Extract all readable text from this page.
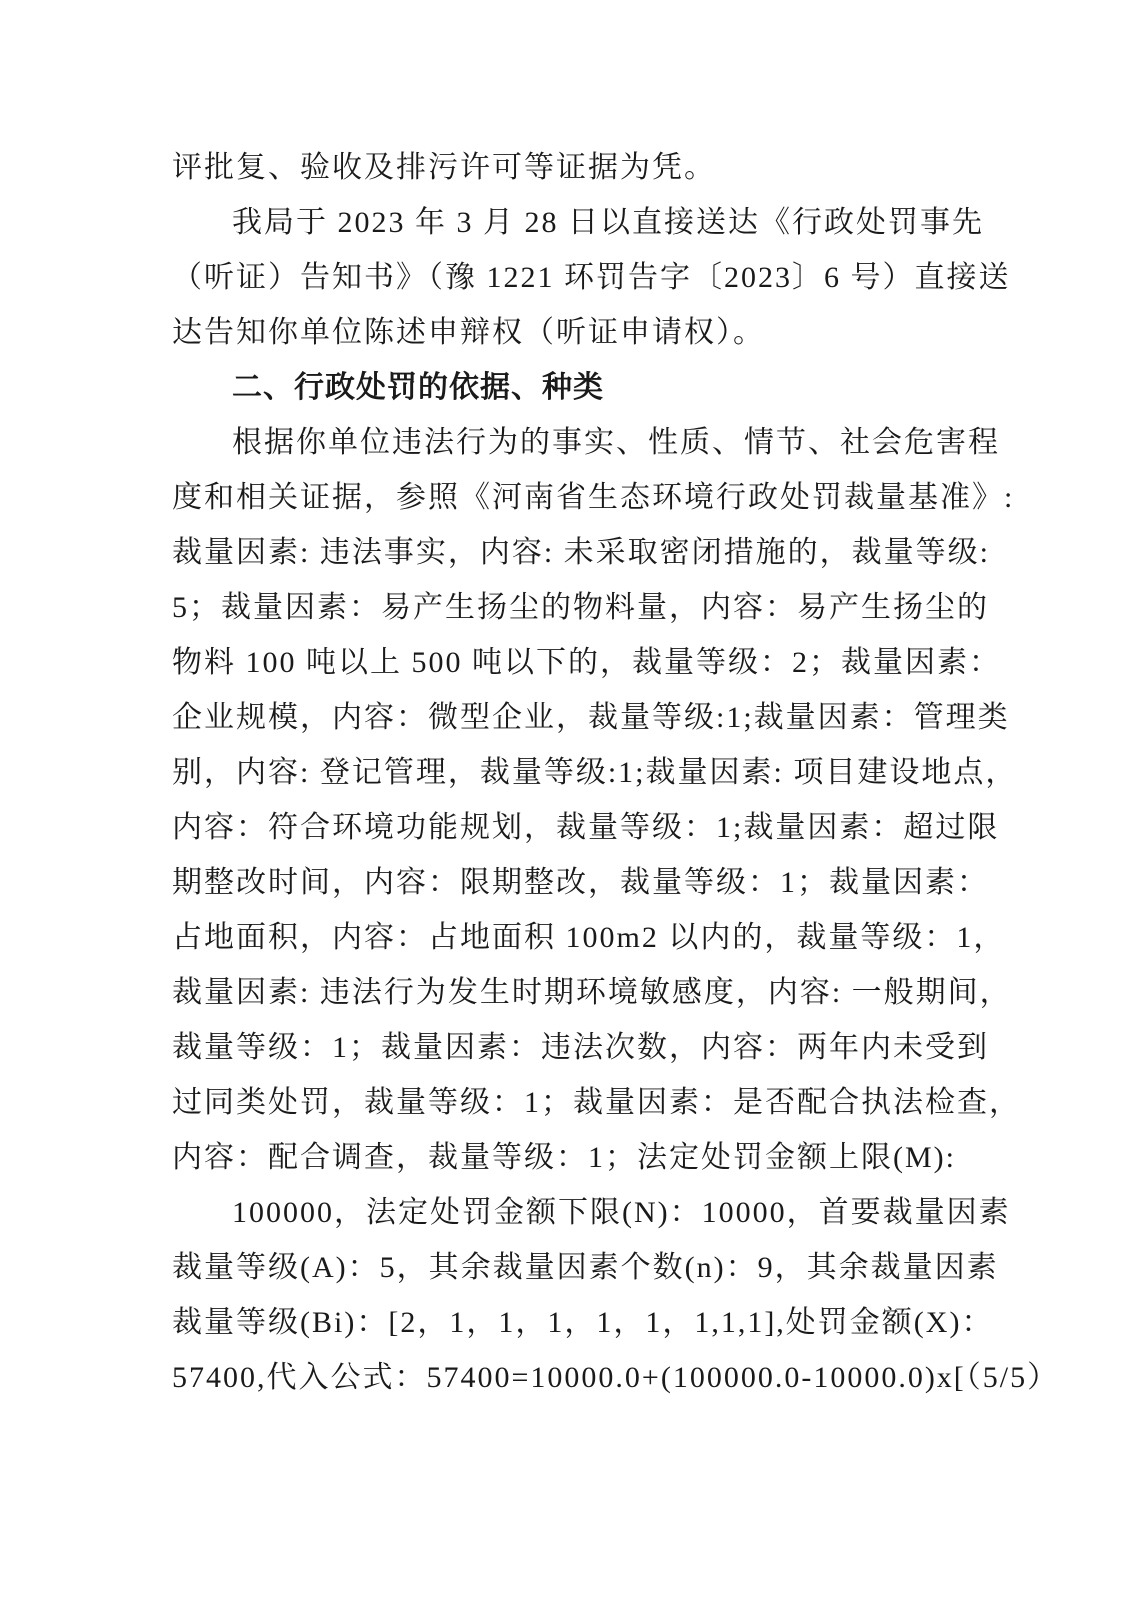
评批复、验收及排污许可等证据为凭。
我局于 2023 年 3 月 28 日以直接送达《行政处罚事先
（听证）告知书》（豫 1221 环罚告字〔2023〕6 号）直接送
达告知你单位陈述申辩权（听证申请权）。
二、行政处罚的依据、种类
根据你单位违法行为的事实、性质、情节、社会危害程
度和相关证据，参照《河南省生态环境行政处罚裁量基准》:
裁量因素: 违法事实，内容: 未采取密闭措施的，裁量等级:
5；裁量因素：易产生扬尘的物料量，内容：易产生扬尘的
物料 100 吨以上 500 吨以下的，裁量等级：2；裁量因素：
企业规模，内容：微型企业，裁量等级:1;裁量因素：管理类
别，内容: 登记管理，裁量等级:1;裁量因素: 项目建设地点，
内容：符合环境功能规划，裁量等级：1;裁量因素：超过限
期整改时间，内容：限期整改，裁量等级：1；裁量因素：
占地面积，内容：占地面积 100m2 以内的，裁量等级：1，
裁量因素: 违法行为发生时期环境敏感度，内容: 一般期间，
裁量等级：1；裁量因素：违法次数，内容：两年内未受到
过同类处罚，裁量等级：1；裁量因素：是否配合执法检查，
内容：配合调查，裁量等级：1；法定处罚金额上限(M):
100000，法定处罚金额下限(N)：10000，首要裁量因素
裁量等级(A)：5，其余裁量因素个数(n)：9，其余裁量因素
裁量等级(Bi)：[2，1，1，1，1，1，1,1,1],处罚金额(X)：
57400,代入公式：57400=10000.0+(100000.0-10000.0)x[（5/5）
